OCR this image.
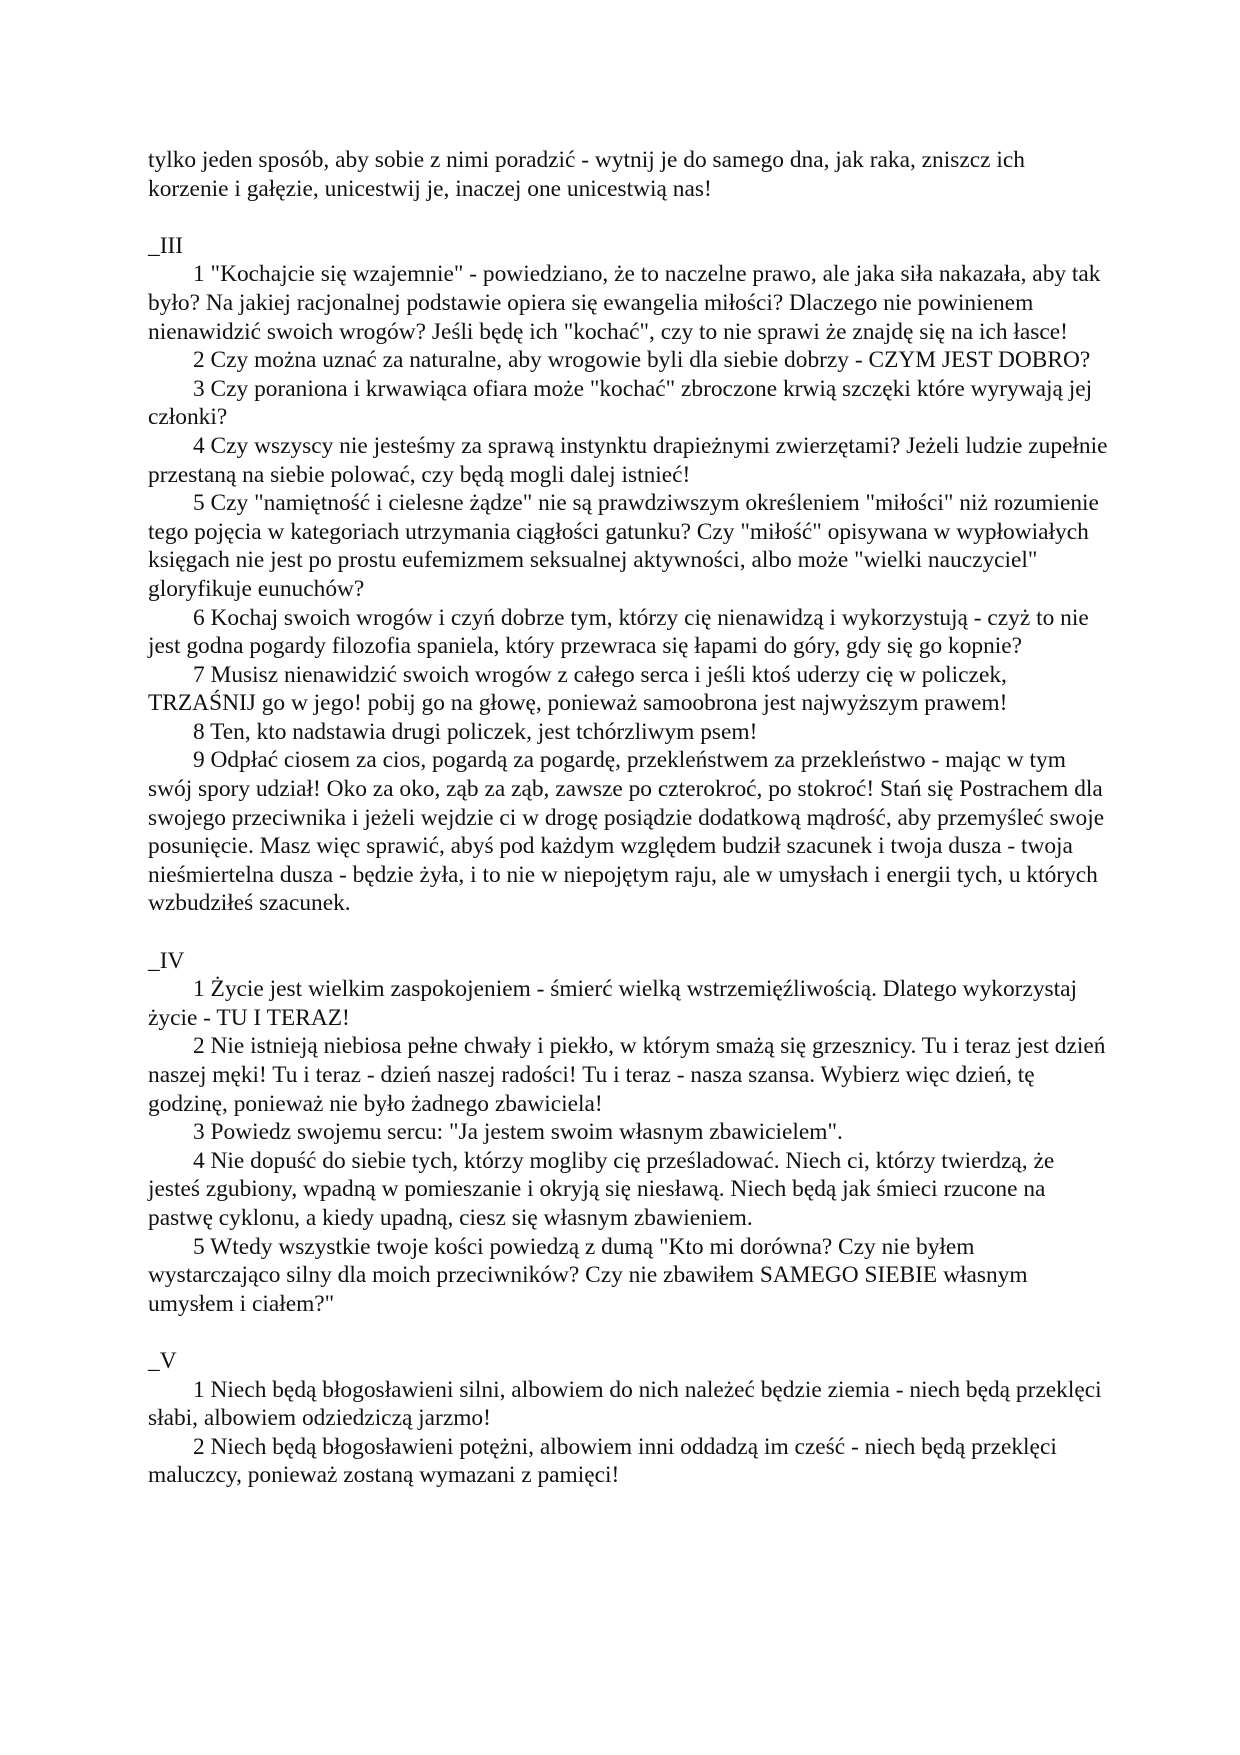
tylko jeden sposób, aby sobie z nimi poradzić - wytnij je do samego dna, jak raka, zniszcz ich korzenie i gałęzie, unicestwij je, inaczej one unicestwią nas!

_III

1 "Kochajcie się wzajemnie" - powiedziano, że to naczelne prawo, ale jaka siła nakazała, aby tak było? Na jakiej racjonalnej podstawie opiera się ewangelia miłości? Dlaczego nie powinienem nienawidzić swoich wrogów? Jeśli będę ich "kochać", czy to nie sprawi że znajdę się na ich łasce!

2 Czy można uznać za naturalne, aby wrogowie byli dla siebie dobrzy - CZYM JEST DOBRO?

3 Czy poraniona i krwawiąca ofiara może "kochać" zbroczone krwią szczęki które wyrywają jej członki?

4 Czy wszyscy nie jesteśmy za sprawą instynktu drapieżnymi zwierzętami? Jeżeli ludzie zupełnie przestaną na siebie polować, czy będą mogli dalej istnieć!

5 Czy "namiętność i cielesne żądze" nie są prawdziwszym określeniem "miłości" niż rozumienie tego pojęcia w kategoriach utrzymania ciągłości gatunku? Czy "miłość" opisywana w wypłowiałych księgach nie jest po prostu eufemizmem seksualnej aktywności, albo może "wielki nauczyciel" gloryfikuje eunuchów?

6 Kochaj swoich wrogów i czyń dobrze tym, którzy cię nienawidzą i wykorzystują - czyż to nie jest godna pogardy filozofia spaniela, który przewraca się łapami do góry, gdy się go kopnie?

7 Musisz nienawidzić swoich wrogów z całego serca i jeśli ktoś uderzy cię w policzek, TRZAŚNIJ go w jego! pobij go na głowę, ponieważ samoobrona jest najwyższym prawem!

8 Ten, kto nadstawia drugi policzek, jest tchórzliwym psem!

9 Odpłać ciosem za cios, pogardą za pogardę, przekleństwem za przekleństwo - mając w tym swój spory udział! Oko za oko, ząb za ząb, zawsze po czterokroć, po stokroć! Stań się Postrachem dla swojego przeciwnika i jeżeli wejdzie ci w drogę posiądzie dodatkową mądrość, aby przemyśleć swoje posunięcie. Masz więc sprawić, abyś pod każdym względem budził szacunek i twoja dusza - twoja nieśmiertelna dusza - będzie żyła, i to nie w niepojętym raju, ale w umysłach i energii tych, u których wzbudziłeś szacunek.

_IV

1 Życie jest wielkim zaspokojeniem - śmierć wielką wstrzemięźliwością. Dlatego wykorzystaj życie - TU I TERAZ!

2 Nie istnieją niebiosa pełne chwały i piekło, w którym smażą się grzesznicy. Tu i teraz jest dzień naszej męki! Tu i teraz - dzień naszej radości! Tu i teraz - nasza szansa. Wybierz więc dzień, tę godzinę, ponieważ nie było żadnego zbawiciela!

3 Powiedz swojemu sercu: "Ja jestem swoim własnym zbawicielem".

4 Nie dopuść do siebie tych, którzy mogliby cię prześladować. Niech ci, którzy twierdzą, że jesteś zgubiony, wpadną w pomieszanie i okryją się niesławą. Niech będą jak śmieci rzucone na pastwę cyklonu, a kiedy upadną, ciesz się własnym zbawieniem.

5 Wtedy wszystkie twoje kości powiedzą z dumą "Kto mi dorówna? Czy nie byłem wystarczająco silny dla moich przeciwników? Czy nie zbawiłem SAMEGO SIEBIE własnym umysłem i ciałem?"

_V

1 Niech będą błogosławieni silni, albowiem do nich należeć będzie ziemia - niech będą przeklęci słabi, albowiem odziedziczą jarzmo!

2 Niech będą błogosławieni potężni, albowiem inni oddadzą im cześć - niech będą przeklęci maluczcy, ponieważ zostaną wymazani z pamięci!
